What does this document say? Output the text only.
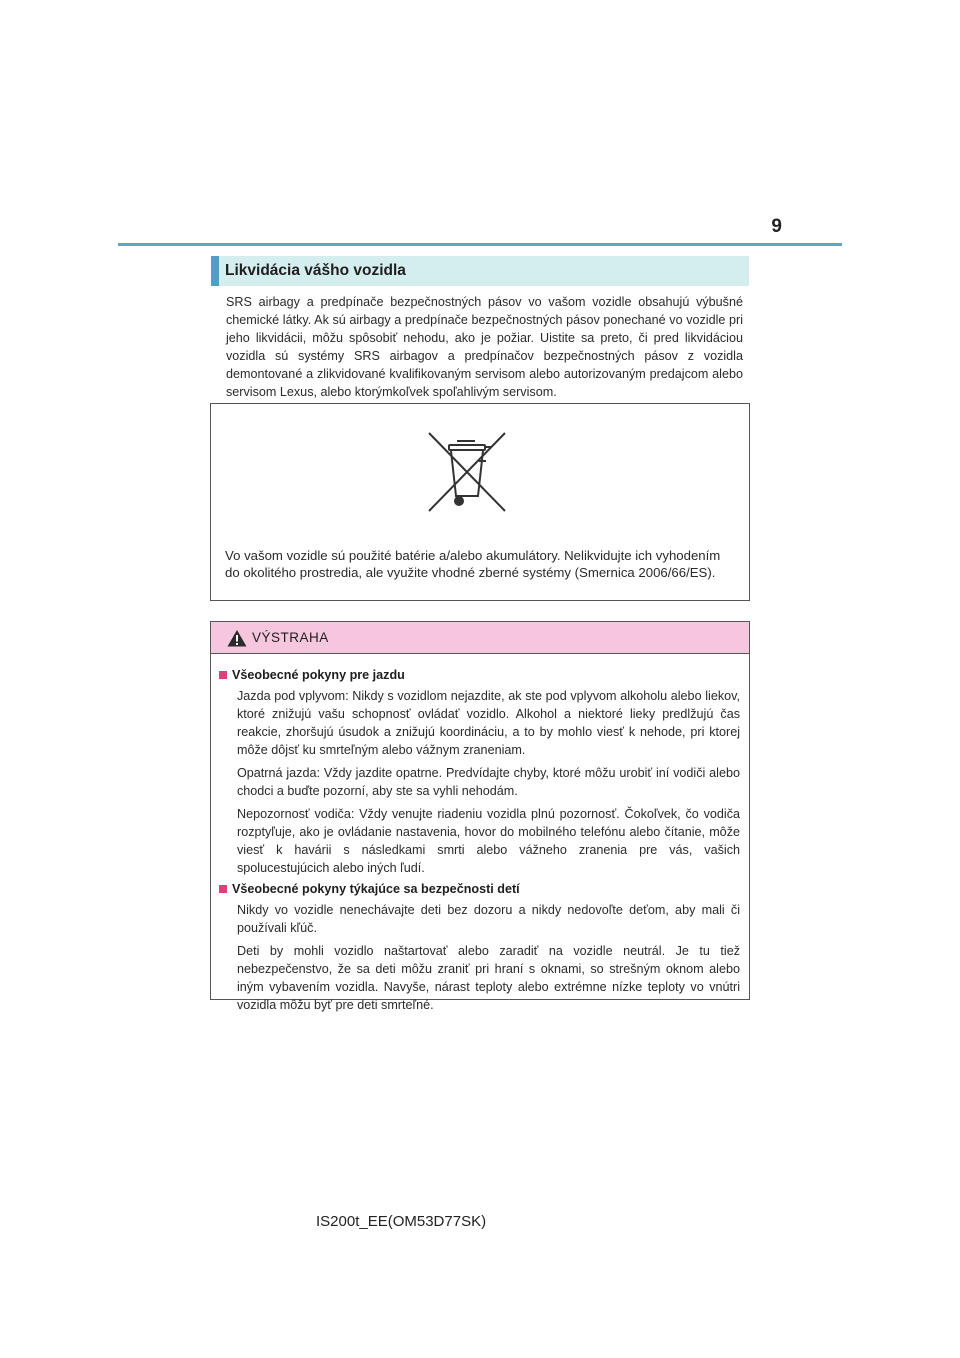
9
Likvidácia vášho vozidla

SRS airbagy a predpínače bezpečnostných pásov vo vašom vozidle obsahujú výbušné chemické látky. Ak sú airbagy a predpínače bezpečnostných pásov ponechané vo vozidle pri jeho likvidácii, môžu spôsobiť nehodu, ako je požiar. Uistite sa preto, či pred likvidáciou vozidla sú systémy SRS airbagov a predpínačov bezpečnostných pásov z vozidla demontované a zlikvidované kvalifikovaným servisom alebo autorizovaným predajcom alebo servisom Lexus, alebo ktorýmkoľvek spoľahlivým servisom.

Vo vašom vozidle sú použité batérie a/alebo akumulátory. Nelikvidujte ich vyhodením do okolitého prostredia, ale využite vhodné zberné systémy (Smernica 2006/66/ES).

VÝSTRAHA
Všeobecné pokyny pre jazdu

Jazda pod vplyvom: Nikdy s vozidlom nejazdite, ak ste pod vplyvom alkoholu alebo liekov, ktoré znižujú vašu schopnosť ovládať vozidlo. Alkohol a niektoré lieky predlžujú čas reakcie, zhoršujú úsudok a znižujú koordináciu, a to by mohlo viesť k nehode, pri ktorej môže dôjsť ku smrteľným alebo vážnym zraneniam.

Opatrná jazda: Vždy jazdite opatrne. Predvídajte chyby, ktoré môžu urobiť iní vodiči alebo chodci a buďte pozorní, aby ste sa vyhli nehodám.

Nepozornosť vodiča: Vždy venujte riadeniu vozidla plnú pozornosť. Čokoľvek, čo vodiča rozptyľuje, ako je ovládanie nastavenia, hovor do mobilného telefónu alebo čítanie, môže viesť k havárii s následkami smrti alebo vážneho zranenia pre vás, vašich spolucestujúcich alebo iných ľudí.

Všeobecné pokyny týkajúce sa bezpečnosti detí

Nikdy vo vozidle nenechávajte deti bez dozoru a nikdy nedovoľte deťom, aby mali či používali kľúč.

Deti by mohli vozidlo naštartovať alebo zaradiť na vozidle neutrál. Je tu tiež nebezpečenstvo, že sa deti môžu zraniť pri hraní s oknami, so strešným oknom alebo iným vybavením vozidla. Navyše, nárast teploty alebo extrémne nízke teploty vo vnútri vozidla môžu byť pre deti smrteľné.

IS200t_EE(OM53D77SK)
